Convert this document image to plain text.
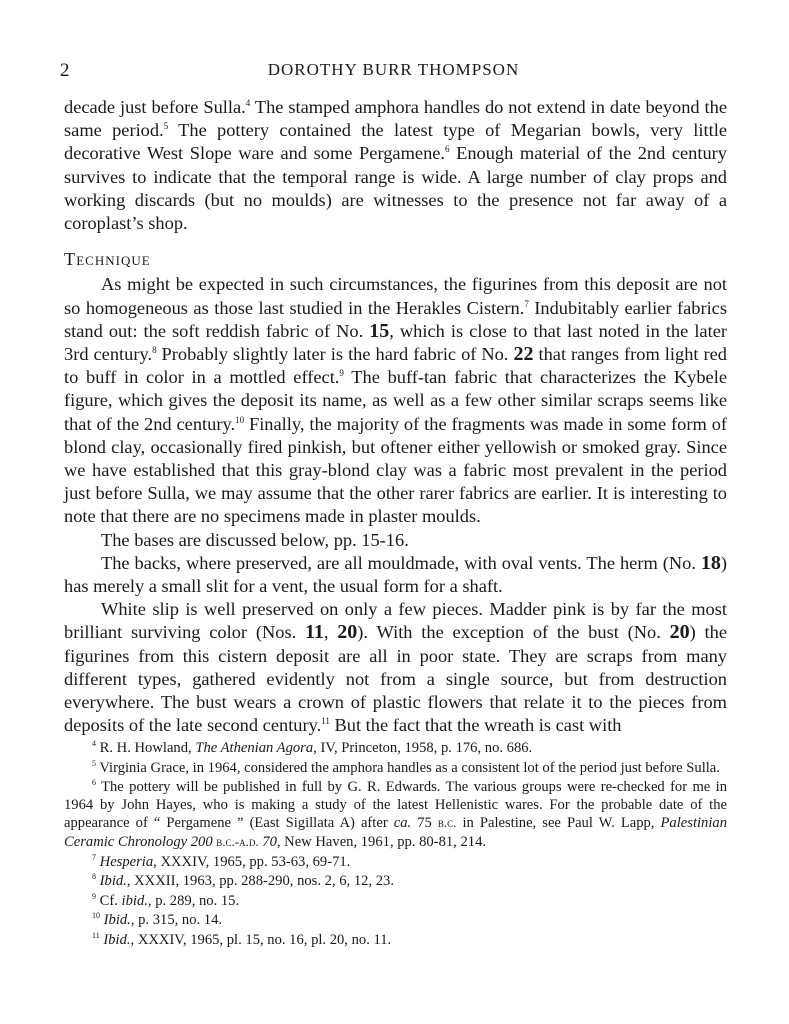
2	DOROTHY BURR THOMPSON

decade just before Sulla.$^4$ The stamped amphora handles do not extend in date beyond the same period.$^5$ The pottery contained the latest type of Megarian bowls, very little decorative West Slope ware and some Pergamene.$^6$ Enough material of the 2nd century survives to indicate that the temporal range is wide. A large number of clay props and working discards (but no moulds) are witnesses to the presence not far away of a coroplast’s shop.

Technique

As might be expected in such circumstances, the figurines from this deposit are not so homogeneous as those last studied in the Herakles Cistern.$^7$ Indubitably earlier fabrics stand out: the soft reddish fabric of No. 15, which is close to that last noted in the later 3rd century.$^8$ Probably slightly later is the hard fabric of No. 22 that ranges from light red to buff in color in a mottled effect.$^9$ The buff-tan fabric that characterizes the Kybele figure, which gives the deposit its name, as well as a few other similar scraps seems like that of the 2nd century.$^{10}$ Finally, the majority of the fragments was made in some form of blond clay, occasionally fired pinkish, but oftener either yellowish or smoked gray. Since we have established that this gray-blond clay was a fabric most prevalent in the period just before Sulla, we may assume that the other rarer fabrics are earlier. It is interesting to note that there are no specimens made in plaster moulds.

The bases are discussed below, pp. 15-16.

The backs, where preserved, are all mouldmade, with oval vents. The herm (No. 18) has merely a small slit for a vent, the usual form for a shaft.

White slip is well preserved on only a few pieces. Madder pink is by far the most brilliant surviving color (Nos. 11, 20). With the exception of the bust (No. 20) the figurines from this cistern deposit are all in poor state. They are scraps from many different types, gathered evidently not from a single source, but from destruction everywhere. The bust wears a crown of plastic flowers that relate it to the pieces from deposits of the late second century.$^{11}$ But the fact that the wreath is cast with

$^4$ R. H. Howland, The Athenian Agora, IV, Princeton, 1958, p. 176, no. 686.

$^5$ Virginia Grace, in 1964, considered the amphora handles as a consistent lot of the period just before Sulla.

$^6$ The pottery will be published in full by G. R. Edwards. The various groups were re-checked for me in 1964 by John Hayes, who is making a study of the latest Hellenistic wares. For the probable date of the appearance of “ Pergamene ” (East Sigillata A) after ca. 75 b.c. in Palestine, see Paul W. Lapp, Palestinian Ceramic Chronology 200 b.c.-a.d. 70, New Haven, 1961, pp. 80-81, 214.

$^7$ Hesperia, XXXIV, 1965, pp. 53-63, 69-71.

$^8$ Ibid., XXXII, 1963, pp. 288-290, nos. 2, 6, 12, 23.

$^9$ Cf. ibid., p. 289, no. 15.

$^{10}$ Ibid., p. 315, no. 14.

$^{11}$ Ibid., XXXIV, 1965, pl. 15, no. 16, pl. 20, no. 11.
